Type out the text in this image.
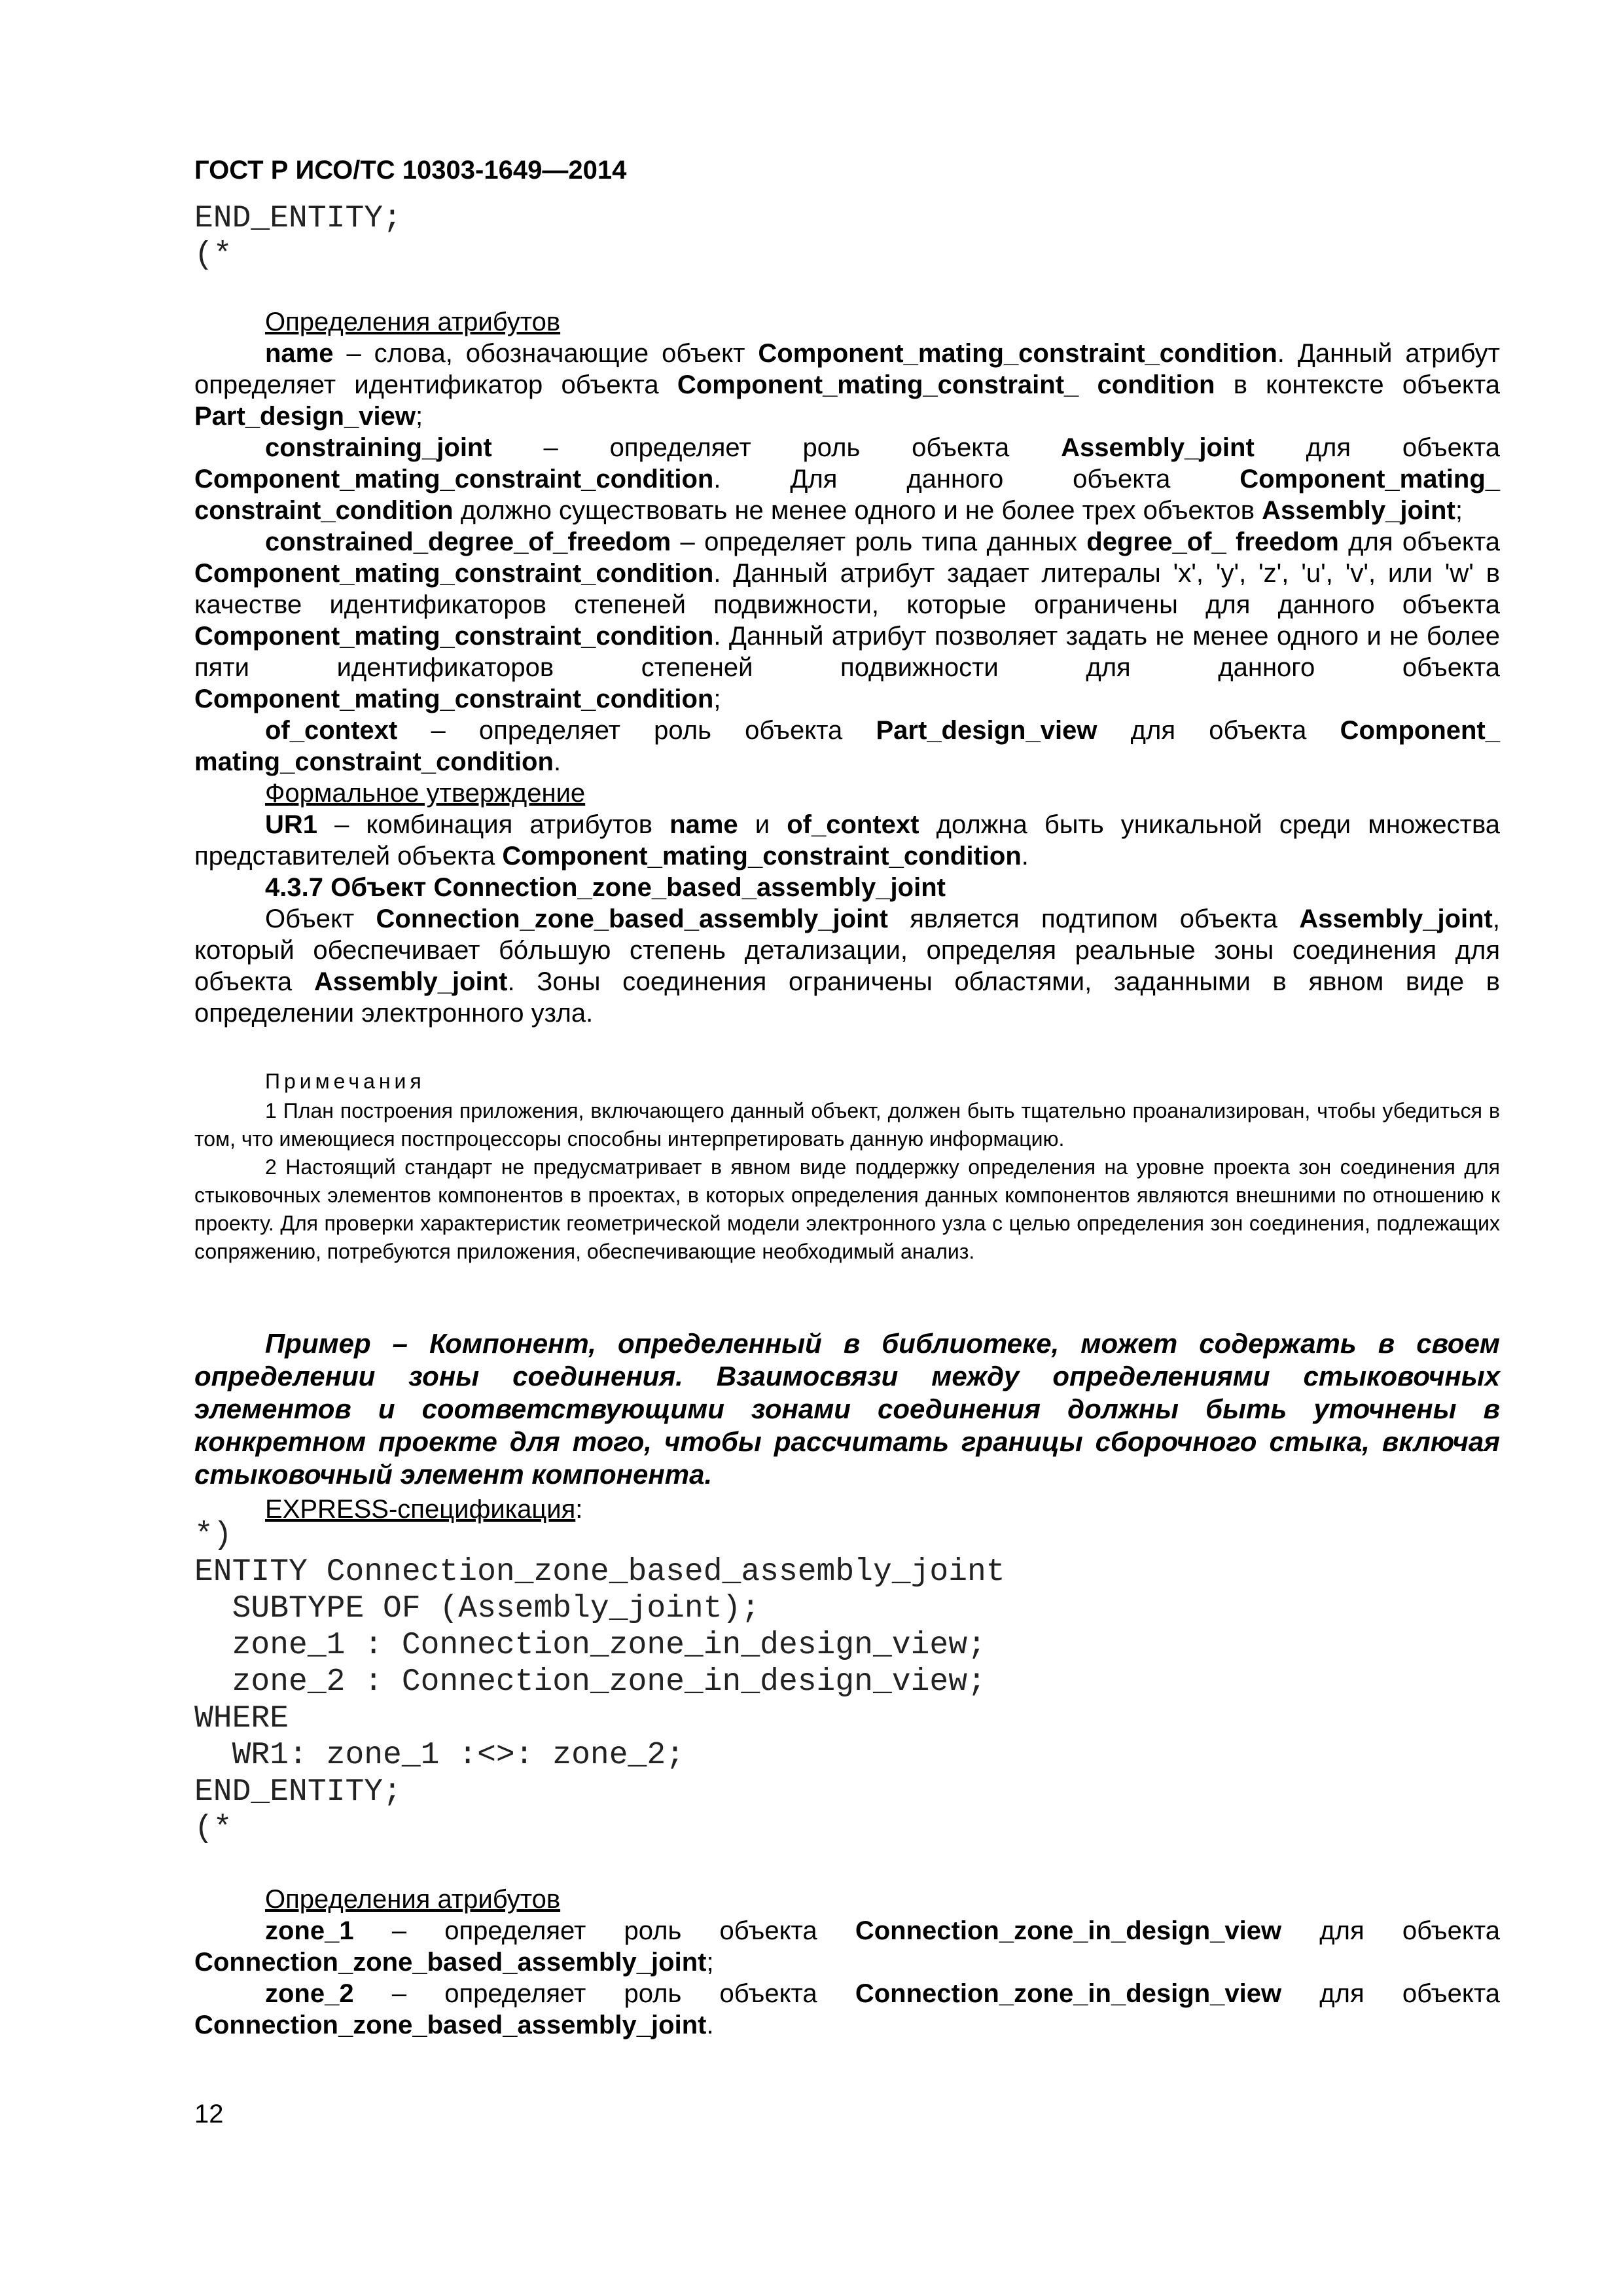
ГОСТ Р ИСО/ТС 10303-1649—2014
END_ENTITY;
(*

Определения атрибутов

name – слова, обозначающие объект Component_mating_constraint_condition. Данный атрибут определяет идентификатор объекта Component_mating_constraint_ condition в контексте объекта Part_design_view;

constraining_joint – определяет роль объекта Assembly_joint для объекта Component_mating_constraint_condition. Для данного объекта Component_mating_ constraint_condition должно существовать не менее одного и не более трех объектов Assembly_joint;

constrained_degree_of_freedom – определяет роль типа данных degree_of_ freedom для объекта Component_mating_constraint_condition. Данный атрибут задает литералы 'x', 'y', 'z', 'u', 'v', или 'w' в качестве идентификаторов степеней подвижности, которые ограничены для данного объекта Component_mating_constraint_condition. Данный атрибут позволяет задать не менее одного и не более пяти идентификаторов степеней подвижности для данного объекта Component_mating_constraint_condition;

of_context – определяет роль объекта Part_design_view для объекта Component_ mating_constraint_condition.

Формальное утверждение

UR1 – комбинация атрибутов name и of_context должна быть уникальной среди множества представителей объекта Component_mating_constraint_condition.

4.3.7 Объект Connection_zone_based_assembly_joint

Объект Connection_zone_based_assembly_joint является подтипом объекта Assembly_joint, который обеспечивает бо́льшую степень детализации, определяя реальные зоны соединения для объекта Assembly_joint. Зоны соединения ограничены областями, заданными в явном виде в определении электронного узла.

Примечания

1 План построения приложения, включающего данный объект, должен быть тщательно проанализирован, чтобы убедиться в том, что имеющиеся постпроцессоры способны интерпретировать данную информацию.

2 Настоящий стандарт не предусматривает в явном виде поддержку определения на уровне проекта зон соединения для стыковочных элементов компонентов в проектах, в которых определения данных компонентов являются внешними по отношению к проекту. Для проверки характеристик геометрической модели электронного узла с целью определения зон соединения, подлежащих сопряжению, потребуются приложения, обеспечивающие необходимый анализ.

Пример – Компонент, определенный в библиотеке, может содержать в своем определении зоны соединения. Взаимосвязи между определениями стыковочных элементов и соответствующими зонами соединения должны быть уточнены в конкретном проекте для того, чтобы рассчитать границы сборочного стыка, включая стыковочный элемент компонента.

EXPRESS-спецификация:

*)
ENTITY Connection_zone_based_assembly_joint
SUBTYPE OF (Assembly_joint);
zone_1 : Connection_zone_in_design_view;
zone_2 : Connection_zone_in_design_view;
WHERE
WR1: zone_1 :<>: zone_2;
END_ENTITY;
(*

Определения атрибутов

zone_1 – определяет роль объекта Connection_zone_in_design_view для объекта Connection_zone_based_assembly_joint;

zone_2 – определяет роль объекта Connection_zone_in_design_view для объекта Connection_zone_based_assembly_joint.

12
